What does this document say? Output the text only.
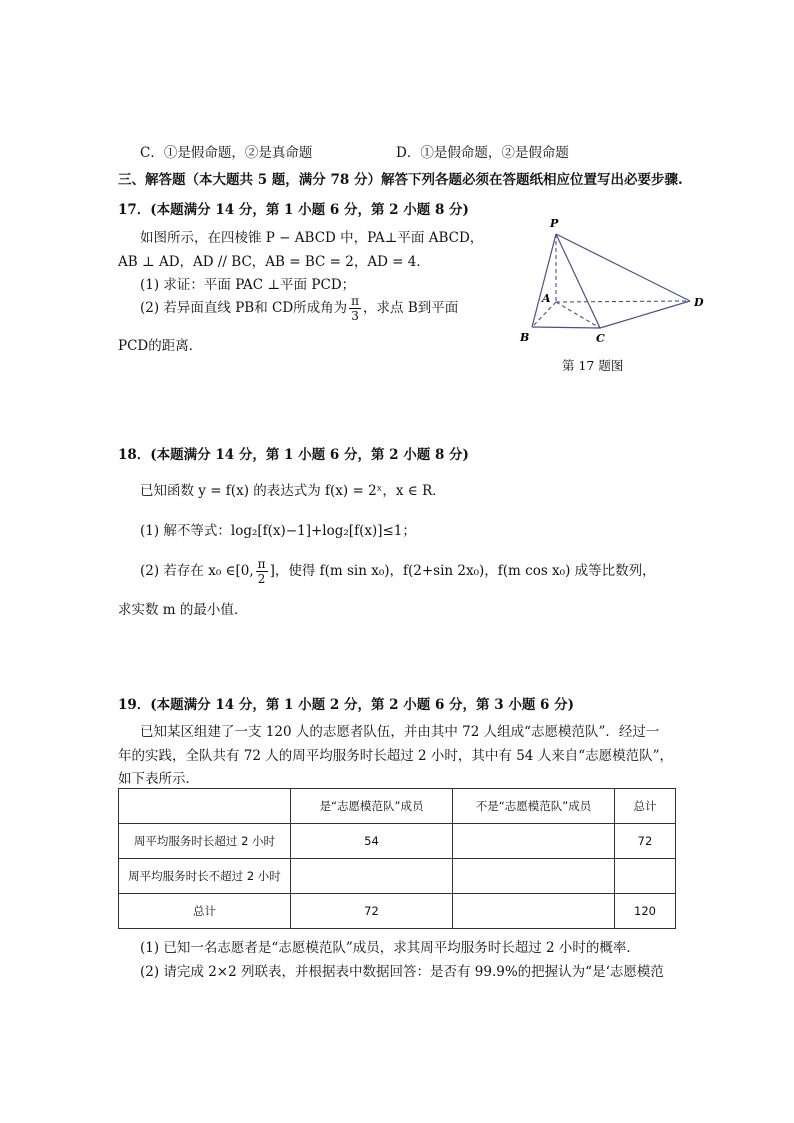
C．①是假命题，②是真命题	D．①是假命题，②是假命题
三、解答题（本大题共 5 题，满分 78 分）解答下列各题必须在答题纸相应位置写出必要步骤.
17．(本题满分 14 分，第 1 小题 6 分，第 2 小题 8 分)
如图所示，在四棱锥 P − ABCD 中，PA⊥平面 ABCD，
AB ⊥ AD，AD // BC，AB = BC = 2，AD = 4．
(1) 求证：平面 PAC ⊥平面 PCD；
(2) 若异面直线 PB和 CD所成角为 $\frac{\pi}{3}$ ，求点 B到平面
PCD的距离．
P
A
B	C
D
第 17 题图
18．(本题满分 14 分，第 1 小题 6 分，第 2 小题 8 分)
已知函数 y = f(x) 的表达式为 f(x) = 2ˣ，x ∈ R．
(1) 解不等式：log₂[f(x)−1]+log₂[f(x)]≤1；
(2) 若存在 x₀ ∈[0, $\frac{\pi}{2}$ ]，使得 f(m sin x₀)，f(2+sin 2x₀)，f(m cos x₀) 成等比数列，
求实数 m 的最小值．
19．(本题满分 14 分，第 1 小题 2 分，第 2 小题 6 分，第 3 小题 6 分)
已知某区组建了一支 120 人的志愿者队伍，并由其中 72 人组成“志愿模范队”．经过一
年的实践，全队共有 72 人的周平均服务时长超过 2 小时，其中有 54 人来自“志愿模范队”，
如下表所示．
	是“志愿模范队”成员	不是“志愿模范队”成员	总计
周平均服务时长超过 2 小时	54		72
周平均服务时长不超过 2 小时			
总计	72		120
(1) 已知一名志愿者是“志愿模范队”成员，求其周平均服务时长超过 2 小时的概率．
(2) 请完成 2×2 列联表，并根据表中数据回答：是否有 99.9%的把握认为“是‘志愿模范
